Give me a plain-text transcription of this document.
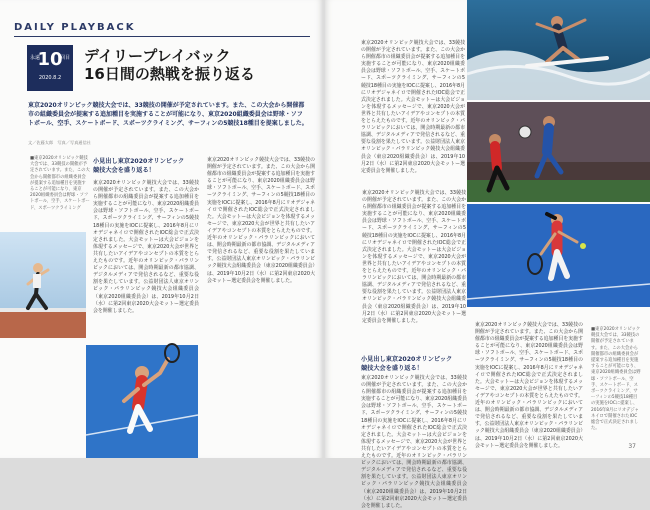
DAILY PLAYBACK
永遠	回目
10
2020.8.2
デイリープレイバック
16日間の熱戦を振り返る
東京2020オリンピック競技大会では、33競技の開催が予定されています。また、この大会から開催都市の組織委員会が提案する追加種目を実施することが可能になり、東京2020組織委員会は野球・ソフトボール、空手、スケートボード、スポーツクライミング、サーフィンの5競技18種目を提案しました。
文／佐藤太郎　写真／写真通信社
■東京2020オリンピック競技大会では、33競技の開催が予定されています。また、この大会から開催都市の組織委員会が提案する追加種目を実施することが可能になり、東京2020組織委員会は野球・ソフトボール、空手、スケートボード、スポーツクライミング
小見出し東京2020オリンピック
競技大会を盛り返る！
東京2020オリンピック競技大会では、33競技の開催が予定されています。また、この大会から開催都市の組織委員会が提案する追加種目を実施することが可能になり、東京2020組織委員会は野球・ソフトボール、空手、スケートボード、スポーツクライミング、サーフィンの5競技18種目の実施をIOCに提案し、2016年8月にリオデジャネイロで開催されたIOC総会で正式決定されました。大会モットーは大会ビジョンを体現するメッセージで、東京2020大会が世界と共有したいアイデアやコンセプトの本質をとらえたものです。近年のオリンピック・パラリンピックにおいては、開会時期最新の都市協調、デジタルメディアで発信されるなど、重要な役割を果たしています。公益財団法人東京オリンピック・パラリンピック競技大会組織委員会（東京2020組織委員会）は、2019年10月2日（水）に第2回東京2020大会モットー選定委員会を開催しました。
東京2020オリンピック競技大会では、33競技の開催が予定されています。また、この大会から開催都市の組織委員会が提案する追加種目を実施することが可能になり、東京2020組織委員会は野球・ソフトボール、空手、スケートボード、スポーツクライミング、サーフィンの5競技18種目の実施をIOCに提案し、2016年8月にリオデジャネイロで開催されたIOC総会で正式決定されました。大会モットーは大会ビジョンを体現するメッセージで、東京2020大会が世界と共有したいアイデアやコンセプトの本質をとらえたものです。近年のオリンピック・パラリンピックにおいては、開会時期最新の都市協調、デジタルメディアで発信されるなど、重要な役割を果たしています。公益財団法人東京オリンピック・パラリンピック競技大会組織委員会（東京2020組織委員会）は、2019年10月2日（水）に第2回東京2020大会モットー選定委員会を開催しました。
東京2020オリンピック競技大会では、33競技の開催が予定されています。また、この大会から開催都市の組織委員会が提案する追加種目を実施することが可能になり、東京2020組織委員会は野球・ソフトボール、空手、スケートボード、スポーツクライミング、サーフィンの5競技18種目の実施をIOCに提案し、2016年8月にリオデジャネイロで開催されたIOC総会で正式決定されました。大会モットーは大会ビジョンを体現するメッセージで、東京2020大会が世界と共有したいアイデアやコンセプトの本質をとらえたものです。近年のオリンピック・パラリンピックにおいては、開会時期最新の都市協調、デジタルメディアで発信されるなど、重要な役割を果たしています。公益財団法人東京オリンピック・パラリンピック競技大会組織委員会（東京2020組織委員会）は、2019年10月2日（水）に第2回東京2020大会モットー選定委員会を開催しました。
東京2020オリンピック競技大会では、33競技の開催が予定されています。また、この大会から開催都市の組織委員会が提案する追加種目を実施することが可能になり、東京2020組織委員会は野球・ソフトボール、空手、スケートボード、スポーツクライミング、サーフィンの5競技18種目の実施をIOCに提案し、2016年8月にリオデジャネイロで開催されたIOC総会で正式決定されました。大会モットーは大会ビジョンを体現するメッセージで、東京2020大会が世界と共有したいアイデアやコンセプトの本質をとらえたものです。近年のオリンピック・パラリンピックにおいては、開会時期最新の都市協調、デジタルメディアで発信されるなど、重要な役割を果たしています。公益財団法人東京オリンピック・パラリンピック競技大会組織委員会（東京2020組織委員会）は、2019年10月2日（水）に第2回東京2020大会モットー選定委員会を開催しました。
小見出し東京2020オリンピック
競技大会を盛り返る！
東京2020オリンピック競技大会では、33競技の開催が予定されています。また、この大会から開催都市の組織委員会が提案する追加種目を実施することが可能になり、東京2020組織委員会は野球・ソフトボール、空手、スケートボード、スポーツクライミング、サーフィンの5競技18種目の実施をIOCに提案し、2016年8月にリオデジャネイロで開催されたIOC総会で正式決定されました。大会モットーは大会ビジョンを体現するメッセージで、東京2020大会が世界と共有したいアイデアやコンセプトの本質をとらえたものです。近年のオリンピック・パラリンピックにおいては、開会時期最新の都市協調、デジタルメディアで発信されるなど、重要な役割を果たしています。公益財団法人東京オリンピック・パラリンピック競技大会組織委員会（東京2020組織委員会）は、2019年10月2日（水）に第2回東京2020大会モットー選定委員会を開催しました。
東京2020オリンピック競技大会では、33競技の開催が予定されています。また、この大会から開催都市の組織委員会が提案する追加種目を実施することが可能になり、東京2020組織委員会は野球・ソフトボール、空手、スケートボード、スポーツクライミング、サーフィンの5競技18種目の実施をIOCに提案し、2016年8月にリオデジャネイロで開催されたIOC総会で正式決定されました。大会モットーは大会ビジョンを体現するメッセージで、東京2020大会が世界と共有したいアイデアやコンセプトの本質をとらえたものです。近年のオリンピック・パラリンピックにおいては、開会時期最新の都市協調、デジタルメディアで発信されるなど、重要な役割を果たしています。公益財団法人東京オリンピック・パラリンピック競技大会組織委員会（東京2020組織委員会）は、2019年10月2日（水）に第2回東京2020大会モットー選定委員会を開催しました。
■東京2020オリンピック競技大会では、33競技の開催が予定されています。また、この大会から開催都市の組織委員会が提案する追加種目を実施することが可能になり、東京2020組織委員会は野球・ソフトボール、空手、スケートボード、スポーツクライミング、サーフィンの5競技18種目の実施をIOCに提案し、2016年8月にリオデジャネイロで開催されたIOC総会で正式決定されました。
37
